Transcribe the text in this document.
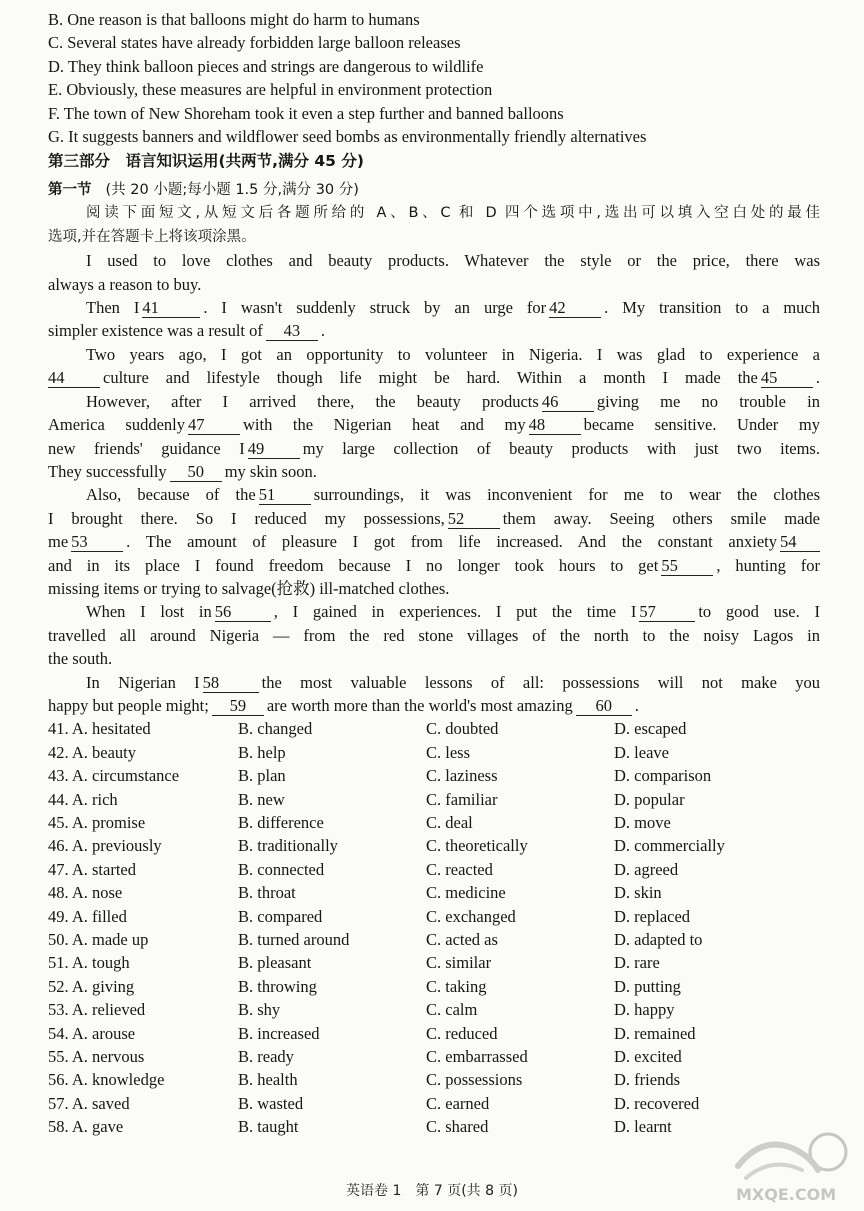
B. One reason is that balloons might do harm to humans
C. Several states have already forbidden large balloon releases
D. They think balloon pieces and strings are dangerous to wildlife
E. Obviously, these measures are helpful in environment protection
F. The town of New Shoreham took it even a step further and banned balloons
G. It suggests banners and wildflower seed bombs as environmentally friendly alternatives
第三部分　语言知识运用(共两节,满分 45 分)
第一节 (共 20 小题;每小题 1.5 分,满分 30 分)
阅读下面短文,从短文后各题所给的 A、B、C 和 D 四个选项中,选出可以填入空白处的最佳
选项,并在答题卡上将该项涂黑。
I used to love clothes and beauty products. Whatever the style or the price, there was
always a reason to buy.
Then I 41	. I wasn't suddenly struck by an urge for 42 . My transition to a much
simpler existence was a result of 43 .
Two years ago, I got an opportunity to volunteer in Nigeria. I was glad to experience a
44 culture and lifestyle though life might be hard. Within a month I made the 45 .
However, after I arrived there, the beauty products 46 giving me no trouble in
America suddenly 47 with the Nigerian heat and my 48 became sensitive. Under my
new friends' guidance I 49 my large collection of beauty products with just two items.
They successfully 50 my skin soon.
Also, because of the 51 surroundings, it was inconvenient for me to wear the clothes
I brought there. So I reduced my possessions, 52 them away. Seeing others smile made
me 53 . The amount of pleasure I got from life increased. And the constant anxiety 54
and in its place I found freedom because I no longer took hours to get 55 , hunting for
missing items or trying to salvage(抢救) ill-matched clothes.
When I lost in 56	, I gained in experiences. I put the time I 57	to good use. I
travelled all around Nigeria — from the red stone villages of the north to the noisy Lagos in
the south.
In Nigerian I 58	the most valuable lessons of all: possessions will not make you
happy but people might; 59 are worth more than the world's most amazing 60 .
41. A. hesitated	B. changed	C. doubted	D. escaped
42. A. beauty	B. help	C. less	D. leave
43. A. circumstance	B. plan	C. laziness	D. comparison
44. A. rich	B. new	C. familiar	D. popular
45. A. promise	B. difference	C. deal	D. move
46. A. previously	B. traditionally	C. theoretically	D. commercially
47. A. started	B. connected	C. reacted	D. agreed
48. A. nose	B. throat	C. medicine	D. skin
49. A. filled	B. compared	C. exchanged	D. replaced
50. A. made up	B. turned around	C. acted as	D. adapted to
51. A. tough	B. pleasant	C. similar	D. rare
52. A. giving	B. throwing	C. taking	D. putting
53. A. relieved	B. shy	C. calm	D. happy
54. A. arouse	B. increased	C. reduced	D. remained
55. A. nervous	B. ready	C. embarrassed	D. excited
56. A. knowledge	B. health	C. possessions	D. friends
57. A. saved	B. wasted	C. earned	D. recovered
58. A. gave	B. taught	C. shared	D. learnt
英语卷 1　第 7 页(共 8 页)	MXQE.COM
